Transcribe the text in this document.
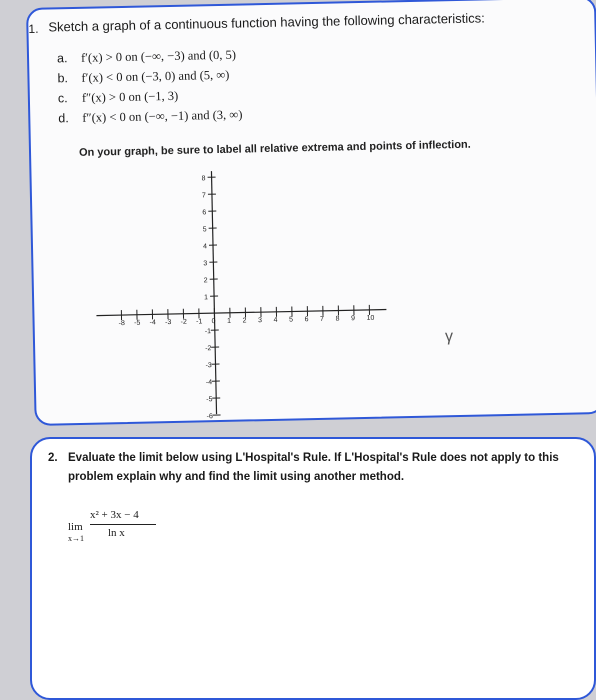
1. Sketch a graph of a continuous function having the following characteristics:
a. f′(x) > 0 on (−∞, −3) and (0, 5)
b. f′(x) < 0 on (−3, 0) and (5, ∞)
c. f″(x) > 0 on (−1, 3)
d. f″(x) < 0 on (−∞, −1) and (3, ∞)
On your graph, be sure to label all relative extrema and points of inflection.
-8 -5 -4 -3 -2 -1 0 1 2 3 4 5 6 7 8 9 10
8
7
6
5
4
3
2
1
-1
-2
-3
-4
-5
-6
γ
2. Evaluate the limit below using L'Hospital's Rule. If L'Hospital's Rule does not apply to this
problem explain why and find the limit using another method.
lim
x→1
x² + 3x − 4
ln x
